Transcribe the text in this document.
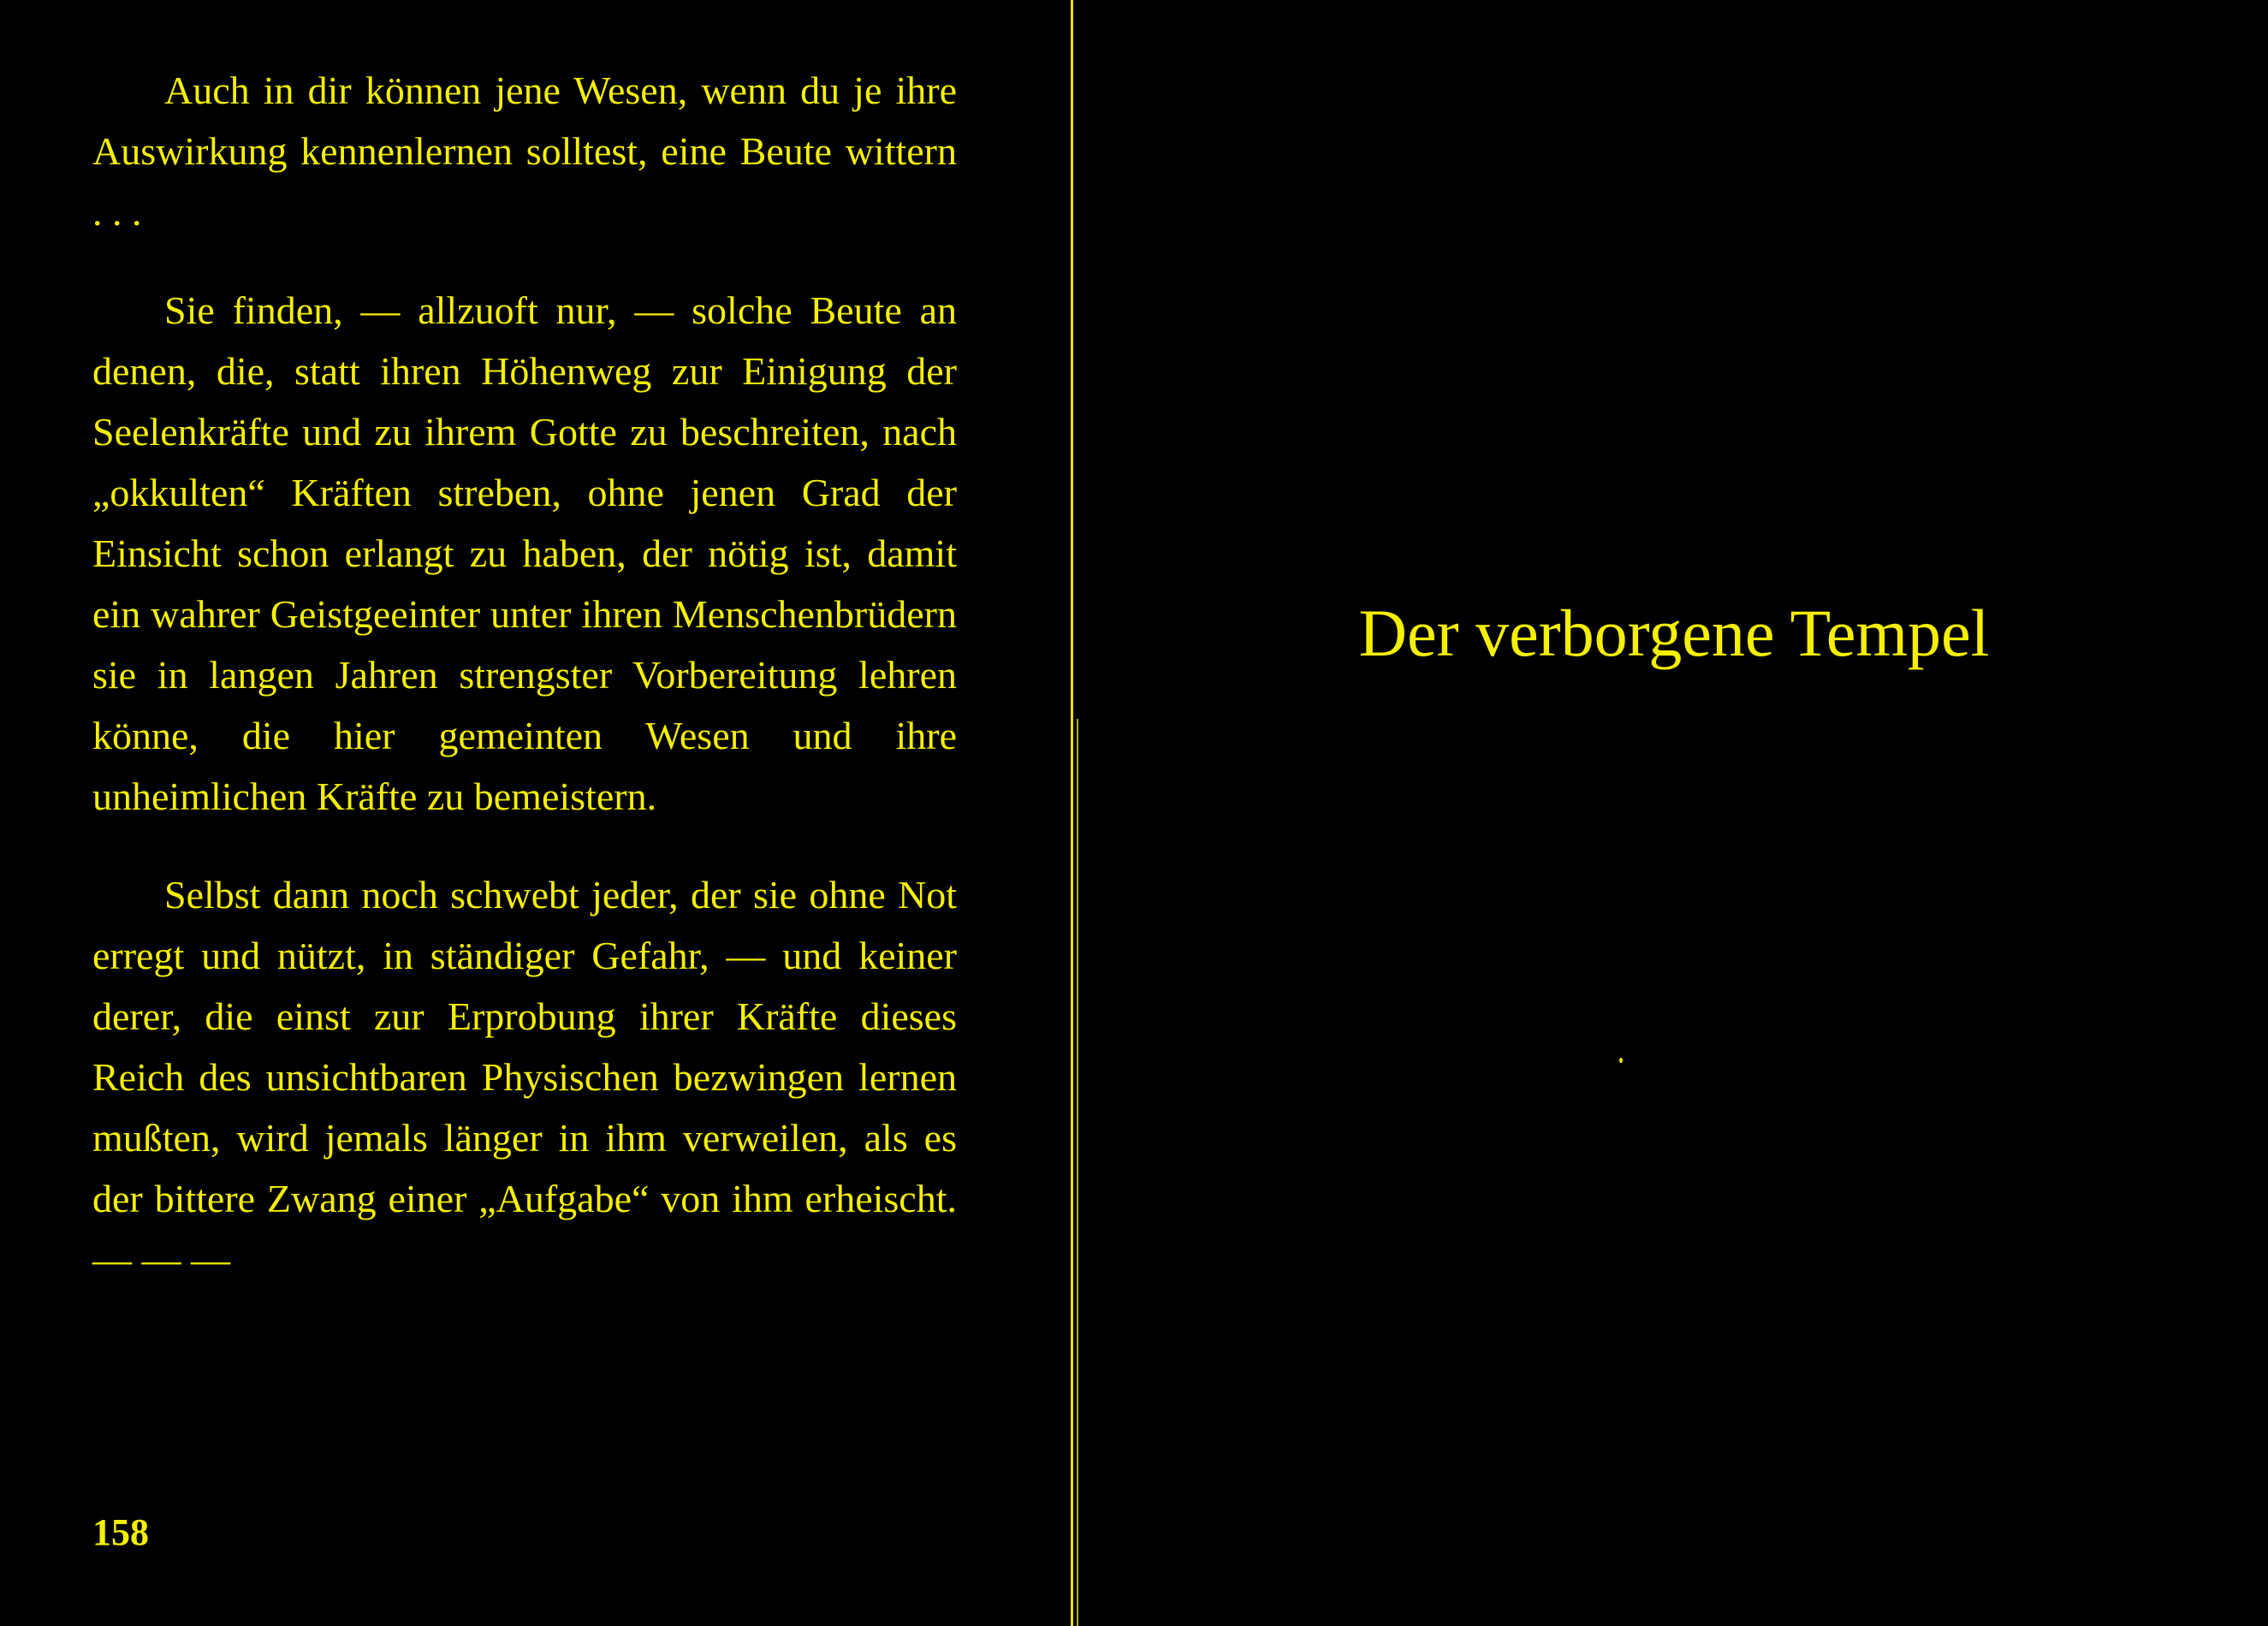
Auch in dir können jene Wesen, wenn du je ihre Auswirkung kennenlernen solltest, eine Beute wittern . . .

Sie finden, — allzuoft nur, — solche Beute an denen, die, statt ihren Höhenweg zur Einigung der Seelenkräfte und zu ihrem Gotte zu beschreiten, nach „okkulten“ Kräften streben, ohne jenen Grad der Einsicht schon erlangt zu haben, der nötig ist, damit ein wahrer Geistgeeinter unter ihren Menschenbrüdern sie in langen Jahren strengster Vorbereitung lehren könne, die hier gemeinten Wesen und ihre unheimlichen Kräfte zu bemeistern.

Selbst dann noch schwebt jeder, der sie ohne Not erregt und nützt, in ständiger Gefahr, — und keiner derer, die einst zur Erprobung ihrer Kräfte dieses Reich des unsichtbaren Physischen bezwingen lernen mußten, wird jemals länger in ihm verweilen, als es der bittere Zwang einer „Aufgabe“ von ihm erheischt. — — —

158
Der verborgene Tempel
